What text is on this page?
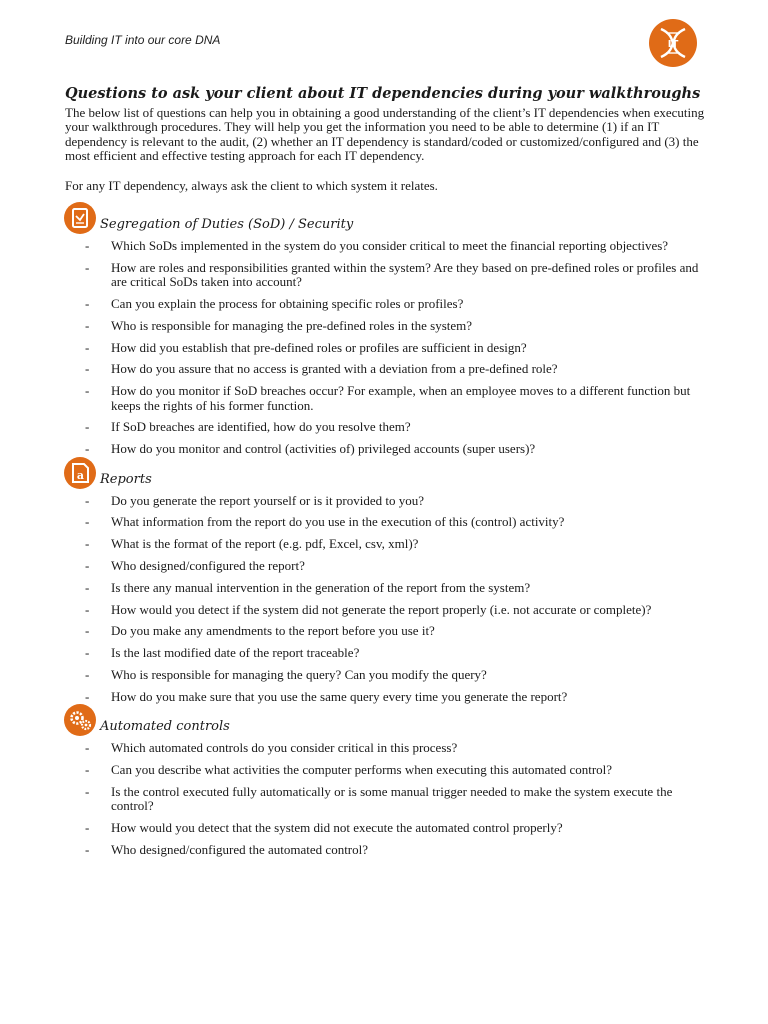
Building IT into our core DNA	IT
Questions to ask your client about IT dependencies during your walkthroughs

The below list of questions can help you in obtaining a good understanding of the client’s IT dependencies when executing your walkthrough procedures. They will help you get the information you need to be able to determine (1) if an IT dependency is relevant to the audit, (2) whether an IT dependency is standard/coded or customized/configured and (3) the most efficient and effective testing approach for each IT dependency.

For any IT dependency, always ask the client to which system it relates.

Segregation of Duties (SoD) / Security
- Which SoDs implemented in the system do you consider critical to meet the financial reporting objectives?
- How are roles and responsibilities granted within the system? Are they based on pre-defined roles or profiles and are critical SoDs taken into account?
- Can you explain the process for obtaining specific roles or profiles?
- Who is responsible for managing the pre-defined roles in the system?
- How did you establish that pre-defined roles or profiles are sufficient in design?
- How do you assure that no access is granted with a deviation from a pre-defined role?
- How do you monitor if SoD breaches occur? For example, when an employee moves to a different function but keeps the rights of his former function.
- If SoD breaches are identified, how do you resolve them?
- How do you monitor and control (activities of) privileged accounts (super users)?
a Reports
- Do you generate the report yourself or is it provided to you?
- What information from the report do you use in the execution of this (control) activity?
- What is the format of the report (e.g. pdf, Excel, csv, xml)?
- Who designed/configured the report?
- Is there any manual intervention in the generation of the report from the system?
- How would you detect if the system did not generate the report properly (i.e. not accurate or complete)?
- Do you make any amendments to the report before you use it?
- Is the last modified date of the report traceable?
- Who is responsible for managing the query? Can you modify the query?
- How do you make sure that you use the same query every time you generate the report?
Automated controls
- Which automated controls do you consider critical in this process?
- Can you describe what activities the computer performs when executing this automated control?
- Is the control executed fully automatically or is some manual trigger needed to make the system execute the control?
- How would you detect that the system did not execute the automated control properly?
- Who designed/configured the automated control?
